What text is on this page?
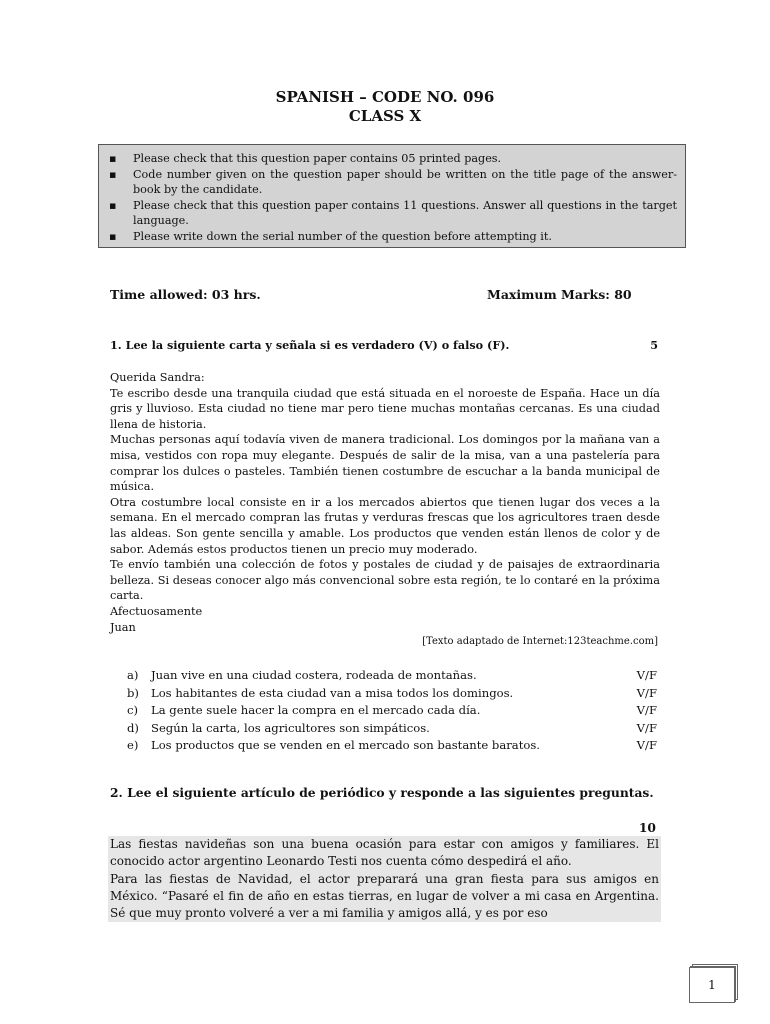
SPANISH – CODE NO. 096
CLASS X
▪ Please check that this question paper contains 05 printed pages.
▪ Code number given on the question paper should be written on the title page of the answer-book by the candidate.
▪ Please check that this question paper contains 11 questions. Answer all questions in the target language.
▪ Please write down the serial number of the question before attempting it.
Time allowed: 03 hrs.	Maximum Marks: 80
1. Lee la siguiente carta y señala si es verdadero (V) o falso (F).	5

Querida Sandra:

Te escribo desde una tranquila ciudad que está situada en el noroeste de España. Hace un día gris y lluvioso. Esta ciudad no tiene mar pero tiene muchas montañas cercanas. Es una ciudad llena de historia.

Muchas personas aquí todavía viven de manera tradicional. Los domingos por la mañana van a misa, vestidos con ropa muy elegante. Después de salir de la misa, van a una pastelería para comprar los dulces o pasteles. También tienen costumbre de escuchar a la banda municipal de música.

Otra costumbre local consiste en ir a los mercados abiertos que tienen lugar dos veces a la semana. En el mercado compran las frutas y verduras frescas que los agricultores traen desde las aldeas. Son gente sencilla y amable. Los productos que venden están llenos de color y de sabor. Además estos productos tienen un precio muy moderado.

Te envío también una colección de fotos y postales de ciudad y de paisajes de extraordinaria belleza. Si deseas conocer algo más convencional sobre esta región, te lo contaré en la próxima carta.

Afectuosamente

Juan

[Texto adaptado de Internet:123teachme.com]
a)	Juan vive en una ciudad costera, rodeada de montañas.	V/F
b)	Los habitantes de esta ciudad van a misa todos los domingos.	V/F
c)	La gente suele hacer la compra en el mercado cada día.	V/F
d)	Según la carta, los agricultores son simpáticos.	V/F
e)	Los productos que se venden en el mercado son bastante baratos.	V/F
2. Lee el siguiente artículo de periódico y responde a las siguientes preguntas.
10

Las fiestas navideñas son una buena ocasión para estar con amigos y familiares. El conocido actor argentino Leonardo Testi nos cuenta cómo despedirá el año.

Para las fiestas de Navidad, el actor preparará una gran fiesta para sus amigos en México. “Pasaré el fin de año en estas tierras, en lugar de volver a mi casa en Argentina. Sé que muy pronto volveré a ver a mi familia y amigos allá, y es por eso

1
